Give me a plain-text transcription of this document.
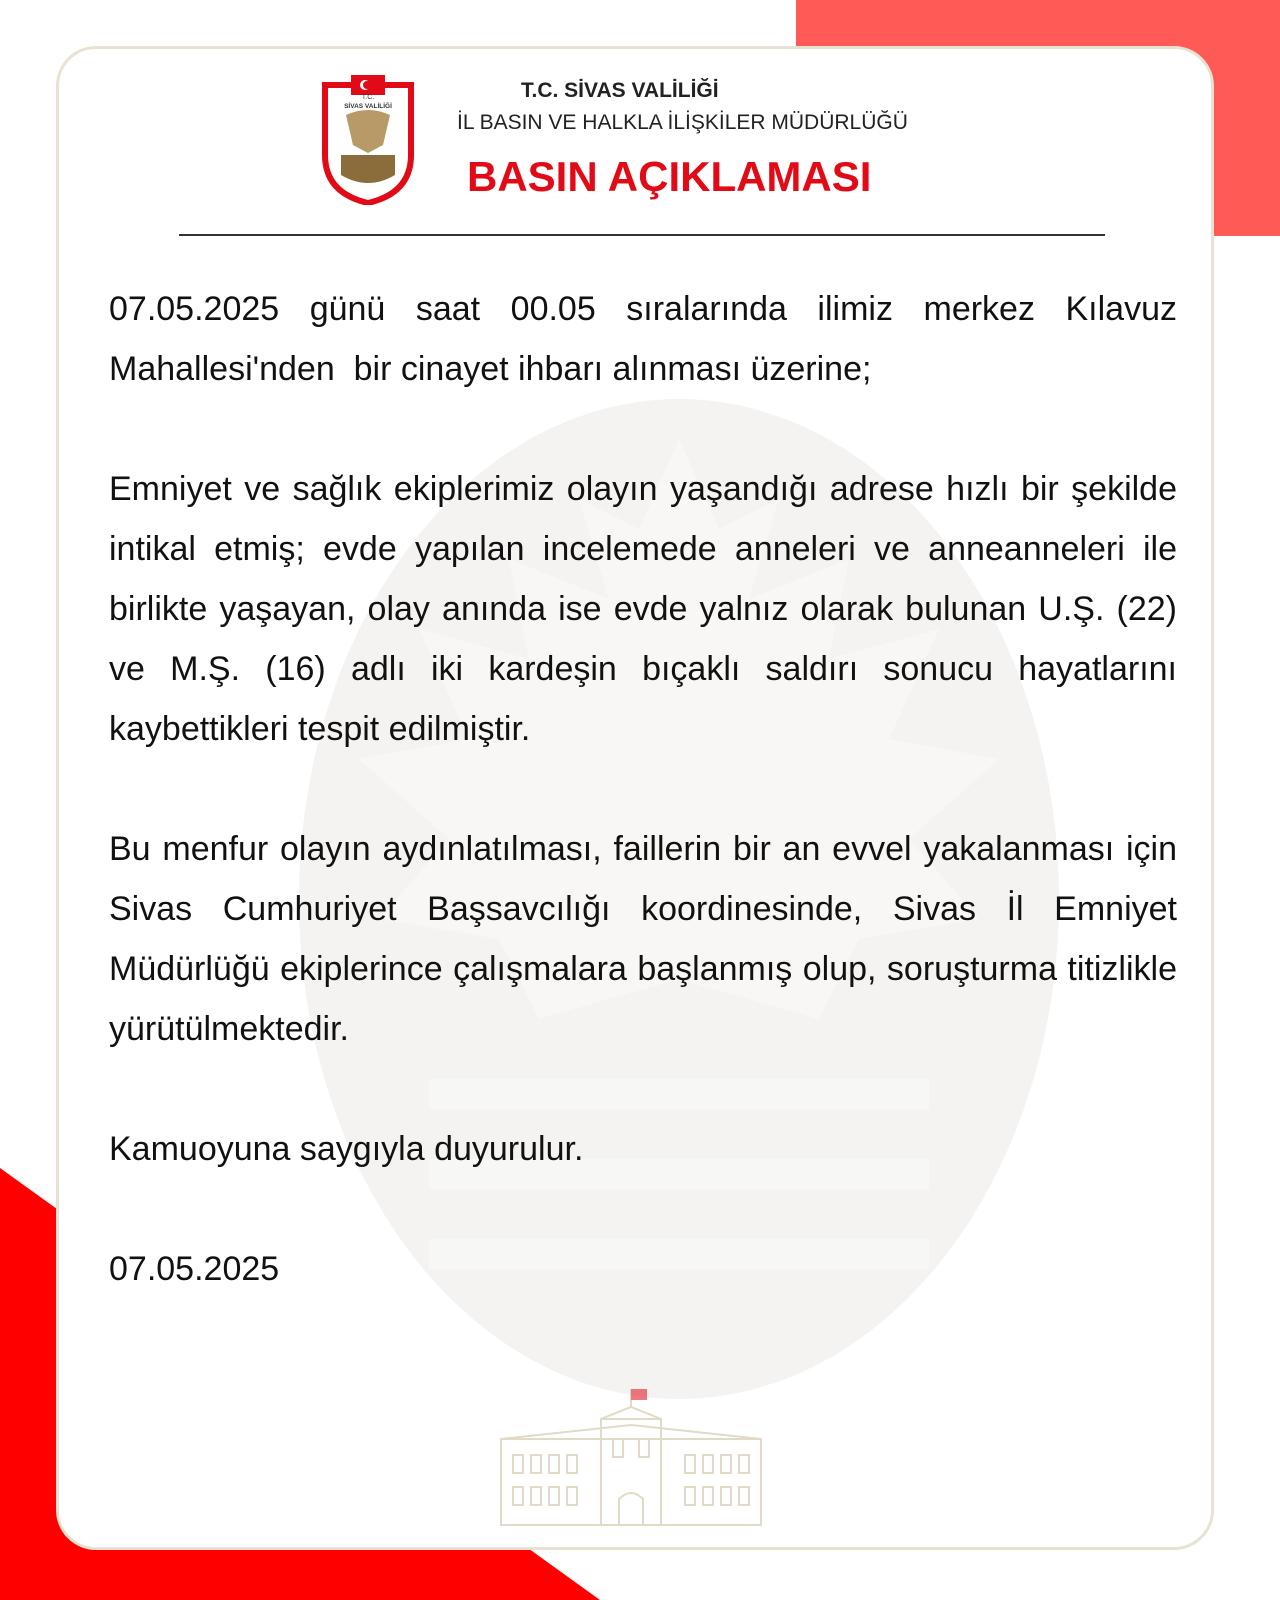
T.C.
SİVAS VALİLİĞİ
T.C. SİVAS VALİLİĞİ
İL BASIN VE HALKLA İLİŞKİLER MÜDÜRLÜĞÜ
BASIN AÇIKLAMASI

07.05.2025 günü saat 00.05 sıralarında ilimiz merkez Kılavuz
Mahallesi'nden  bir cinayet ihbarı alınması üzerine;

Emniyet ve sağlık ekiplerimiz olayın yaşandığı adrese hızlı bir şekilde intikal etmiş; evde yapılan incelemede anneleri ve anneanneleri ile birlikte yaşayan, olay anında ise evde yalnız olarak bulunan U.Ş. (22) ve M.Ş. (16) adlı iki kardeşin bıçaklı saldırı sonucu hayatlarını kaybettikleri tespit edilmiştir.

Bu menfur olayın aydınlatılması, faillerin bir an evvel yakalanması için Sivas Cumhuriyet Başsavcılığı koordinesinde, Sivas İl Emniyet Müdürlüğü ekiplerince çalışmalara başlanmış olup, soruşturma titizlikle yürütülmektedir.

Kamuoyuna saygıyla duyurulur.

07.05.2025
